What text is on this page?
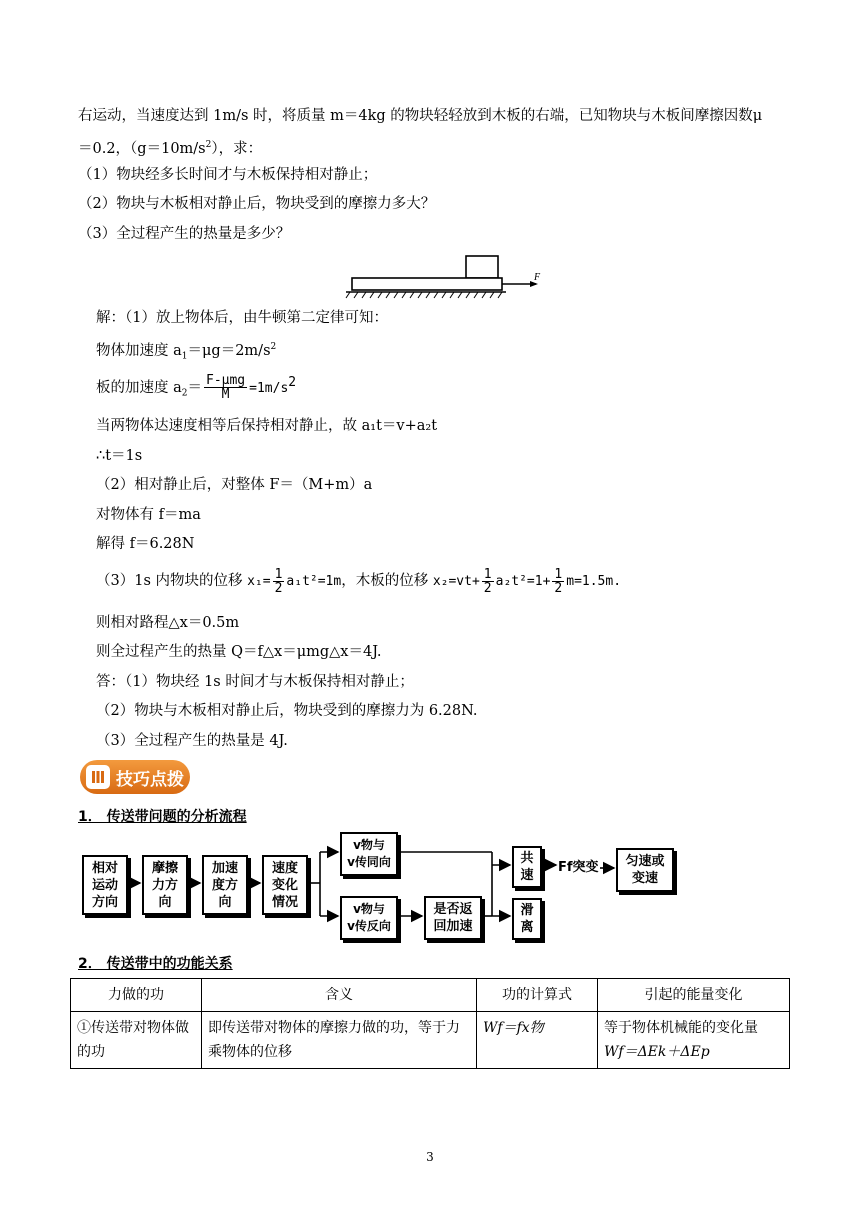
右运动，当速度达到 1m/s 时，将质量 m＝4kg 的物块轻轻放到木板的右端，已知物块与木板间摩擦因数μ
＝0.2，$(g=10m/s^2)$，求：
（1）物块经多长时间才与木板保持相对静止；
（2）物块与木板相对静止后，物块受到的摩擦力多大？
（3）全过程产生的热量是多少？
F
解：（1）放上物体后，由牛顿第二定律可知：
物体加速度 $a_1=\mu g=2m/s^2$
板的加速度 $a_2= \frac{\text{F-μmg}}{M} =1m/s^2$
当两物体达速度相等后保持相对静止，故 a₁t＝v+a₂t
∴t＝1s
（2）相对静止后，对整体 F＝（M+m）a
对物体有 f＝ma
解得 f＝6.28N
（3）1s 内物块的位移 $x_1= \frac{1}{2} a_1t^2=1m$，木板的位移 $x_2=vt+ \frac{1}{2} a_2t^2=1+ \frac{1}{2} m=1.5m$.
则相对路程△x＝0.5m
则全过程产生的热量 Q＝f△x＝μmg△x＝4J.
答：（1）物块经 1s 时间才与木板保持相对静止；
（2）物块与木板相对静止后，物块受到的摩擦力为 6.28N.
（3）全过程产生的热量是 4J.
技巧点拨
1． 传送带问题的分析流程
相对
运动
方向
摩擦
力方
向
加速
度方
向
速度
变化
情况
v物与
v传同向
v物与
v传反向
是否返
回加速
共
速
滑
离
Ff突变	匀速或
变速
2． 传送带中的功能关系
力做的功	含义	功的计算式	引起的能量变化
①传送带对物体做的功	即传送带对物体的摩擦力做的功，等于力乘物体的位移	Wf＝fx物	等于物体机械能的变化量
Wf＝ΔEk＋ΔEp
3
